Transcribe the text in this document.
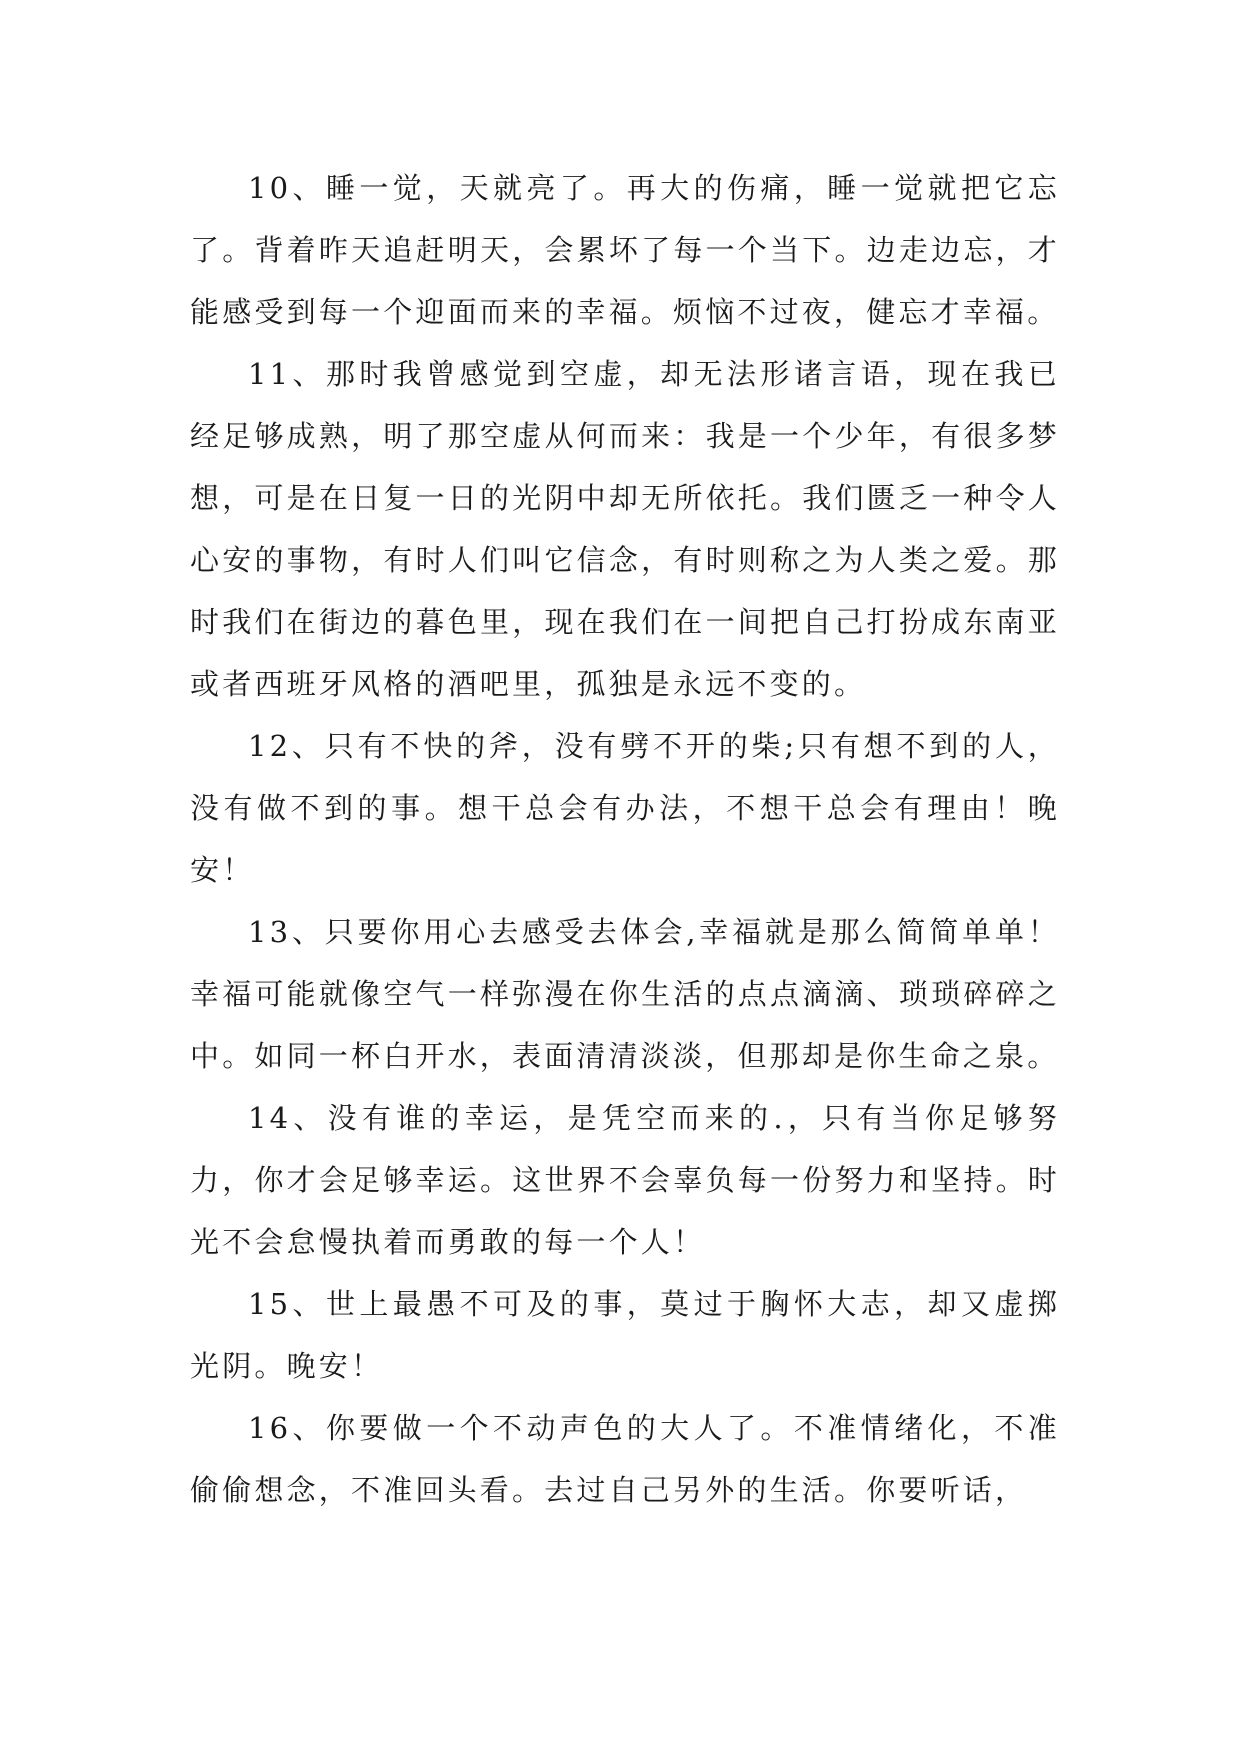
10、睡一觉，天就亮了。再大的伤痛，睡一觉就把它忘了。背着昨天追赶明天，会累坏了每一个当下。边走边忘，才能感受到每一个迎面而来的幸福。烦恼不过夜，健忘才幸福。

11、那时我曾感觉到空虚，却无法形诸言语，现在我已经足够成熟，明了那空虚从何而来：我是一个少年，有很多梦想，可是在日复一日的光阴中却无所依托。我们匮乏一种令人心安的事物，有时人们叫它信念，有时则称之为人类之爱。那时我们在街边的暮色里，现在我们在一间把自己打扮成东南亚或者西班牙风格的酒吧里，孤独是永远不变的。

12、只有不快的斧，没有劈不开的柴;只有想不到的人，没有做不到的事。想干总会有办法，不想干总会有理由！晚安！

13、只要你用心去感受去体会,幸福就是那么简简单单！幸福可能就像空气一样弥漫在你生活的点点滴滴、琐琐碎碎之中。如同一杯白开水，表面清清淡淡，但那却是你生命之泉。

14、没有谁的幸运，是凭空而来的.，只有当你足够努力，你才会足够幸运。这世界不会辜负每一份努力和坚持。时光不会怠慢执着而勇敢的每一个人！

15、世上最愚不可及的事，莫过于胸怀大志，却又虚掷光阴。晚安！

16、你要做一个不动声色的大人了。不准情绪化，不准偷偷想念，不准回头看。去过自己另外的生活。你要听话，
